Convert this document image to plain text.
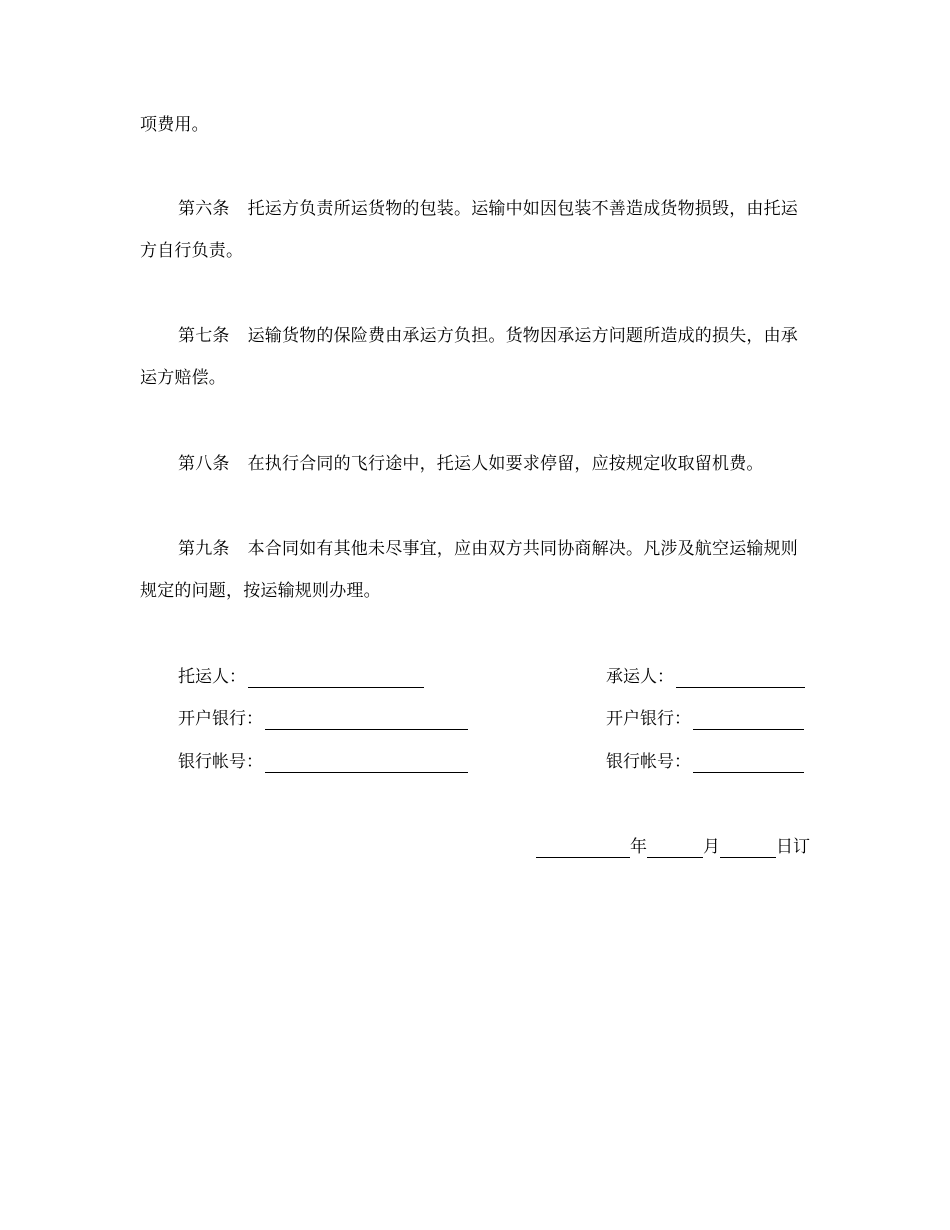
项费用。

第六条 托运方负责所运货物的包装。运输中如因包装不善造成货物损毁，由托运方自行负责。

第七条 运输货物的保险费由承运方负担。货物因承运方问题所造成的损失，由承运方赔偿。

第八条 在执行合同的飞行途中，托运人如要求停留，应按规定收取留机费。

第九条 本合同如有其他未尽事宜，应由双方共同协商解决。凡涉及航空运输规则规定的问题，按运输规则办理。

托运人：
开户银行：
银行帐号：
承运人：
开户银行：
银行帐号：
年	月	日订
